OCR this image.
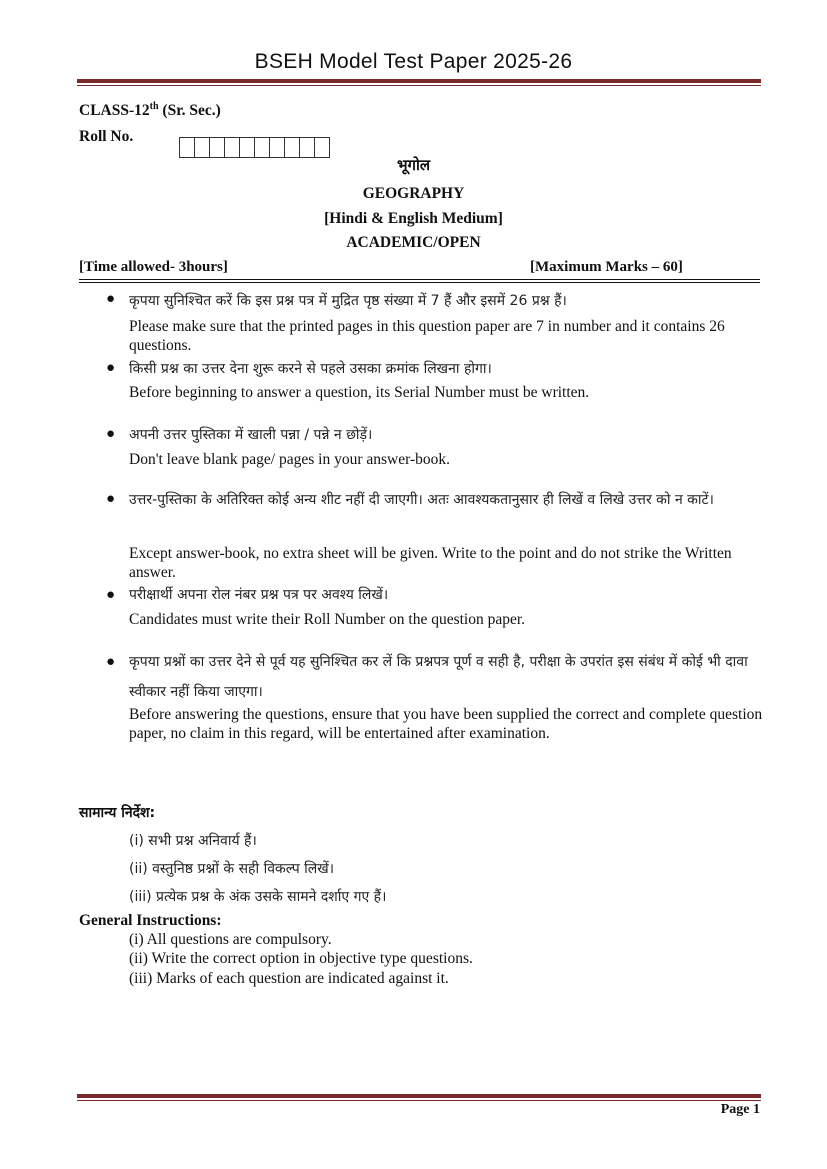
BSEH Model Test Paper 2025-26
CLASS-12th (Sr. Sec.)
Roll No.
भूगोल
GEOGRAPHY
[Hindi & English Medium]
ACADEMIC/OPEN
[Time allowed- 3hours]	[Maximum Marks – 60]
● कृपया सुनिश्चित करें कि इस प्रश्न पत्र में मुद्रित पृष्ठ संख्या में 7 हैं और इसमें 26 प्रश्न हैं।
Please make sure that the printed pages in this question paper are 7 in number and it contains 26 questions.
● किसी प्रश्न का उत्तर देना शुरू करने से पहले उसका क्रमांक लिखना होगा।
Before beginning to answer a question, its Serial Number must be written.
● अपनी उत्तर पुस्तिका में खाली पन्ना / पन्ने न छोड़ें।
Don't leave blank page/ pages in your answer-book.
● उत्तर-पुस्तिका के अतिरिक्त कोई अन्य शीट नहीं दी जाएगी। अतः आवश्यकतानुसार ही लिखें व लिखे उत्तर को न काटें।
Except answer-book, no extra sheet will be given. Write to the point and do not strike the Written answer.
● परीक्षार्थी अपना रोल नंबर प्रश्न पत्र पर अवश्य लिखें।
Candidates must write their Roll Number on the question paper.
● कृपया प्रश्नों का उत्तर देने से पूर्व यह सुनिश्चित कर लें कि प्रश्नपत्र पूर्ण व सही है, परीक्षा के उपरांत इस संबंध में कोई भी दावा स्वीकार नहीं किया जाएगा।
Before answering the questions, ensure that you have been supplied the correct and complete question paper, no claim in this regard, will be entertained after examination.
सामान्य निर्देश:
(i) सभी प्रश्न अनिवार्य हैं।
(ii) वस्तुनिष्ठ प्रश्नों के सही विकल्प लिखें।
(iii) प्रत्येक प्रश्न के अंक उसके सामने दर्शाए गए हैं।
General Instructions:
(i) All questions are compulsory.
(ii) Write the correct option in objective type questions.
(iii) Marks of each question are indicated against it.
Page 1
